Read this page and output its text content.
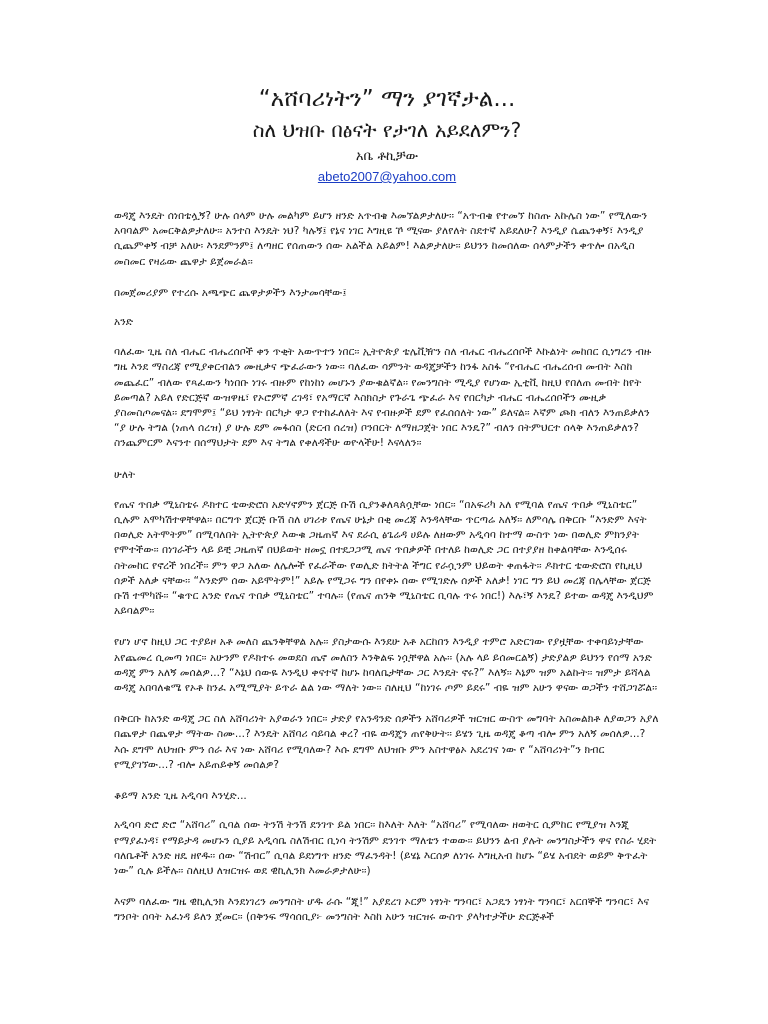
“አሸባሪነትን” ማን ያገኛታል...
ስለ ህዝቡ በፅናት የታገለ አይደለምን?
አቤ ቶኪቻው
abeto2007@yahoo.com

ወዳጄ እንዴት ሰነበቴሏኝ? ሁሉ ሰላም ሁሉ መልካም ይሆን ዘንድ አጥብቄ እመኘልዎታለሁ፡፡ “አጥብቄ የተመኘ ከስጡ አኩሌስ ነው” የሚለውን አባባልም አመርቅልዎታለሁ፡፡ አንተስ እንዴት ነህ? ካሉኝ፤ የኔና ነገር እግዚዩ ኾ ሚናው ያለየለት ስደተኛ አይደለሁ? እንዲያ ሴጨንቀኝ፣ እንዲያ ሲጨምቀኝ ብቻ አለሁ፡ እንደምንም፤ ለጣዘር የሰጠውን ሰው አልችል አይልም! እልዎታለሁ፡፡ ይህንን ከመሰለው ሰላምታችን ቀጥሎ በአዲስ መስመር የዛሬው ጨዋታ ይጀመራል፡፡

በመጀመሪያም የተረሱ አጫጭር ጨዋታዎችን እንታመሳቸው፤

አንድ

ባለፈው ጊዜ ስለ ብሔር ብሔረሰቦች ቀን ጥቂት አውጥተን ነበር፡፡ ኢትዮጵያ ቴሌቪዥን ስለ ብሔር ብሔረሰቦች እኩልነት መከበር ሲነግረን ብዙ ግዜ እንደ ማስረጃ የሚያቀርብልን ሙዚቃና ጭፈራውን ነው፡፡ ባለፈው ሳምንት ወዳጄቻችን ከንፋ አስፋ “የብሔር ብሔረሰብ መብት እስከ መጨፈር” ብለው የጻፈውን ካነበቡ ነገሩ ብዙም የከነከነ መሆኑን ያውቁልኛል፡፡ የመንግስት ሚዲያ የሆነው ኢቲቪ ከዚህ የበለጠ መብት ከየት ይመጣል? አይለ የድርጅኛ ውዝዋዜ፣ የኦሮምኛ ረገዳ፣ የአማርኛ እስክስታ የጉራጌ ጭፈራ እና የበርካታ ብሔር ብሔረሰቦችን ሙዚቃ ያስመስጦመናል፡፡ ደግሞም፤ “ይህ ነፃነት በርካታ ዋጋ የተከፈለለት እና የብዙዎች ደም የፈሰሰለት ነው” ይለናል፡፡ እኛም ጮክ ብለን እንጠይቃለን “ያ ሁሉ ትግል (ነጠላ ሰረዝ) ያ ሁሉ ደም መፋሰስ (ድርብ ሰረዝ) ቦንበርት ለማዘጋጀት ነበር እንዴ?” ብለን በትምህርተ ሰላቅ እንጠይቃለን? ስንጨምርም እናንተ በሰማህታት ደም እና ትግል የቀለዳችሁ ወዮላችሁ! እናላለን፡፡

ሁለት

የጤና ጥበቃ ሚኒስቴሩ ዶክተር ቴውድሮስ አድሃኖምን ጀርጅ ቡሽ ሲያንቆለጳጰሷቸው ነበር፡፡ “በአፍሪካ አለ የሚባል የጤና ጥበቃ ሚኒስቴር” ሲሉም አሞካሽተዋቸዋል፡፡ በርግጥ ጀርጅ ቡሽ ስለ ሀገሪቱ የጤና ሁኔታ በቂ መረጃ እንዳላቸው ጥርጣሬ አለኝ፡፡ ለምሳሌ በቅርቡ “እንድም እናት በወሊድ አትሞትም” በሚባለበት ኢትዮጵያ እውቁ ጋዜጠኛ እና ደራሲ ፅጌሬዳ ሀይሉ ለዘውም አዲሳባ ከተማ ውስጥ ነው በወሊድ ምክንያት የሞተችው፡፡ በነገራችን ላይ ይቺ ጋዜጠኛ በህይወት ዘመኗ በተደጋጋሚ ጤና ጥበቃዎች በተለይ ከወሊድ ጋር በተያያዘ ከቀልባቸው እንዲሰሩ ስትመከር የኖረች ነበረች፡፡ ምን ዋጋ አለው ለሌሎች የፈራችው የወሊድ ክትትል ችግር የራሷንም ህይወት ቀጠፋት፡፡ ዶክተር ቴውድሮስ የኪዚህ ሰዎች አለቃ ናቸው፡፡ “እንድም ሰው አይሞትም!” አይሉ የሚጋሩ ግን በየቀኑ ሰው የሚገድሉ ሰዎች አለቃ! ነገር ግን ይህ መረጃ በሌላቸው ጀርጅ ቡሽ ተሞካሹ፡፡ “ቁጥር አንድ የጤና ጥበቃ ሚኒስቴር” ተባሉ፡፡ (የጤና ጠንቅ ሚኒስቴር ቢባሉ ጥሩ ነበር!) እሉ፣ኝ እንዴ? ይተው ወዳጄ እንዲህም አይባልም፡፡

የሆነ ሆኖ ከዚህ ጋር ተያይዞ አቶ መለስ ጨንቅቸዋል አሉ፡፡ ያስታውሱ እንደሁ አቶ አርከበን እንዲያ ተምሮ አድርገው የያዟቸው ተቀባይነታቸው አየጨመረ ሲመጣ ነበር፡፡ አሁንም የዶክተሩ መወደስ ጤኖ መለስን እንቅልፍ ነሷቸዋል አሉ፡፡ (አሉ ላይ ይሰመርልኝ) ታድያልዎ ይህንን የሰማ አንድ ወዳጄ ምን አለኝ መሰልዎ...? “እኔህ ሰውዬ እንዲህ ቀናተኛ ከሆኑ ከባለቤታቸው ጋር እንዴት ኖሩ?” እለኝ፡፡ እኔም ዝም አልኩት፡፡ ዝምታ ይሻላል ወዳጄ አበባለቁሜ የኦቶ ከንፈ አሚሚያት ይጥራ ልል ነው ማለት ነው፡፡ ስለዚህ “ከነገሩ ጦም ይደሩ” ብዬ ዝም አሁን ዋናው ወጋችን ተሸጋገሯል፡፡

በቅርቡ ከአንድ ወዳጄ ጋር ስለ አሸባሪነት አያወራን ነበር፡፡ ታድያ የአንዳንድ ሰዎችን አሸባሪዎች ዝርዝር ውስጥ መግባት አስመልክቶ ለያወጋን አያለ በጨዋታ በጨዋታ ማትው ስሙ...? እንዴት አሸባሪ ሳይባል ቀረ? ብዬ ወዳጄን ጠየቅሁት፡፡ ይሄን ጊዜ ወዳጄ ቆጣ ብሎ ምን አለኝ መሰለዎ...? እሱ ደግሞ ለህዝቡ ምን ሰራ እና ነው አሸባሪ የሚባለው? እሱ ደግሞ ለህዝቡ ምን አስተዋፅኦ አደረገና ነው የ “አሸባሪነት”ን ክብር የሚያገኘው...? ብሎ አይጠይቀኝ መሰልዎ?

ቆይማ አንድ ጊዜ አዲሳባ እንሂድ...

አዲሳባ ድሮ ድሮ “አሸባሪ” ሲባል ሰው ትንሽ ትንሽ ደንገጥ ይል ነበር፡፡ ከእለት እለት “አሸባሪ” የሚባለው ዘወትር ሲምከር የሚያዝ እንጂ የማያፈነዳ፣ የማይታዳ መሆኑን ሲያይ አዲሳቤ ስለሽብር ቢነሳ ትንሽም ደንገጥ ማለቴን ተወው፡፡ ይህንን ልብ ያሉት መንግስታችን ዋና የስራ ሂደት ባለቤቶች አንድ ዘዴ ዘየዱ፡፡ ሰው “ሽብር” ሲባል ይደነግጥ ዘንድ ማፈንዳት! (ይሄኔ እርሰዎ ለነገሩ እግዚአብ ከሆኑ “ይሄ አብደት ወይም ቅጥፈት ነው” ሲሉ ይችሉ፡፡ ስለዚህ ለዝርዝሩ ወደ ዊኪሊንክ እመራዎታለሁ፡፡)

እናም ባለፈው ግዜ ዊኪሊንክ እንደነገረን መንግስት ሆዱ ራሱ “ጂ!” አያደረገ ኦርም ነፃነት ግንባር፣ አጋዴን ነፃነት ግንባር፣ አርበኞች ግንባር፣ እና ግንቦት ሰባት አፈነዳ ይለን ጀመር፡፡ (በቅንፍ ማሳሰቢያ፦ መንግስት እስከ አሁን ዝርዝሩ ውስጥ ያላካተታችሁ ድርጅቶች
